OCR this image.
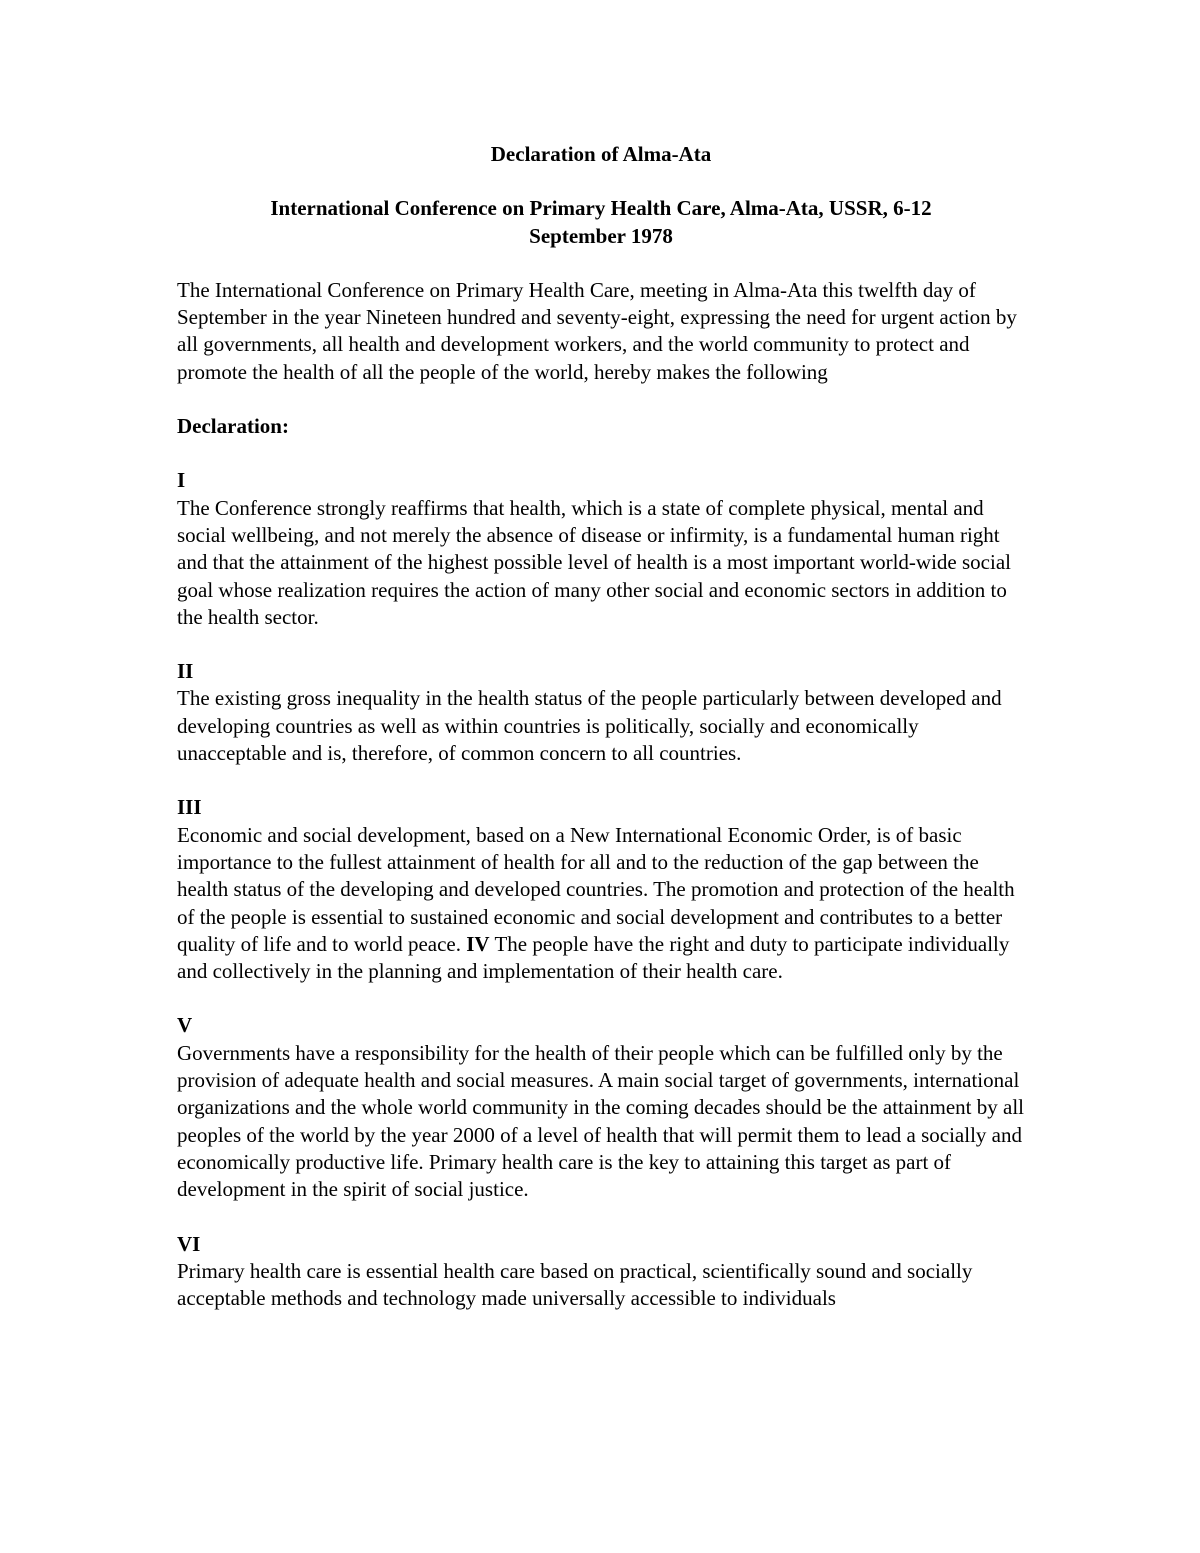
Declaration of Alma-Ata
International Conference on Primary Health Care, Alma-Ata, USSR, 6-12
September 1978
The International Conference on Primary Health Care, meeting in Alma-Ata this twelfth day of September in the year Nineteen hundred and seventy-eight, expressing the need for urgent action by all governments, all health and development workers, and the world community to protect and promote the health of all the people of the world, hereby makes the following
Declaration:
I
The Conference strongly reaffirms that health, which is a state of complete physical, mental and social wellbeing, and not merely the absence of disease or infirmity, is a fundamental human right and that the attainment of the highest possible level of health is a most important world-wide social goal whose realization requires the action of many other social and economic sectors in addition to the health sector.
II
The existing gross inequality in the health status of the people particularly between developed and developing countries as well as within countries is politically, socially and economically unacceptable and is, therefore, of common concern to all countries.
III
Economic and social development, based on a New International Economic Order, is of basic importance to the fullest attainment of health for all and to the reduction of the gap between the health status of the developing and developed countries. The promotion and protection of the health of the people is essential to sustained economic and social development and contributes to a better quality of life and to world peace. IV The people have the right and duty to participate individually and collectively in the planning and implementation of their health care.
V
Governments have a responsibility for the health of their people which can be fulfilled only by the provision of adequate health and social measures. A main social target of governments, international organizations and the whole world community in the coming decades should be the attainment by all peoples of the world by the year 2000 of a level of health that will permit them to lead a socially and economically productive life. Primary health care is the key to attaining this target as part of development in the spirit of social justice.
VI
Primary health care is essential health care based on practical, scientifically sound and socially acceptable methods and technology made universally accessible to individuals
